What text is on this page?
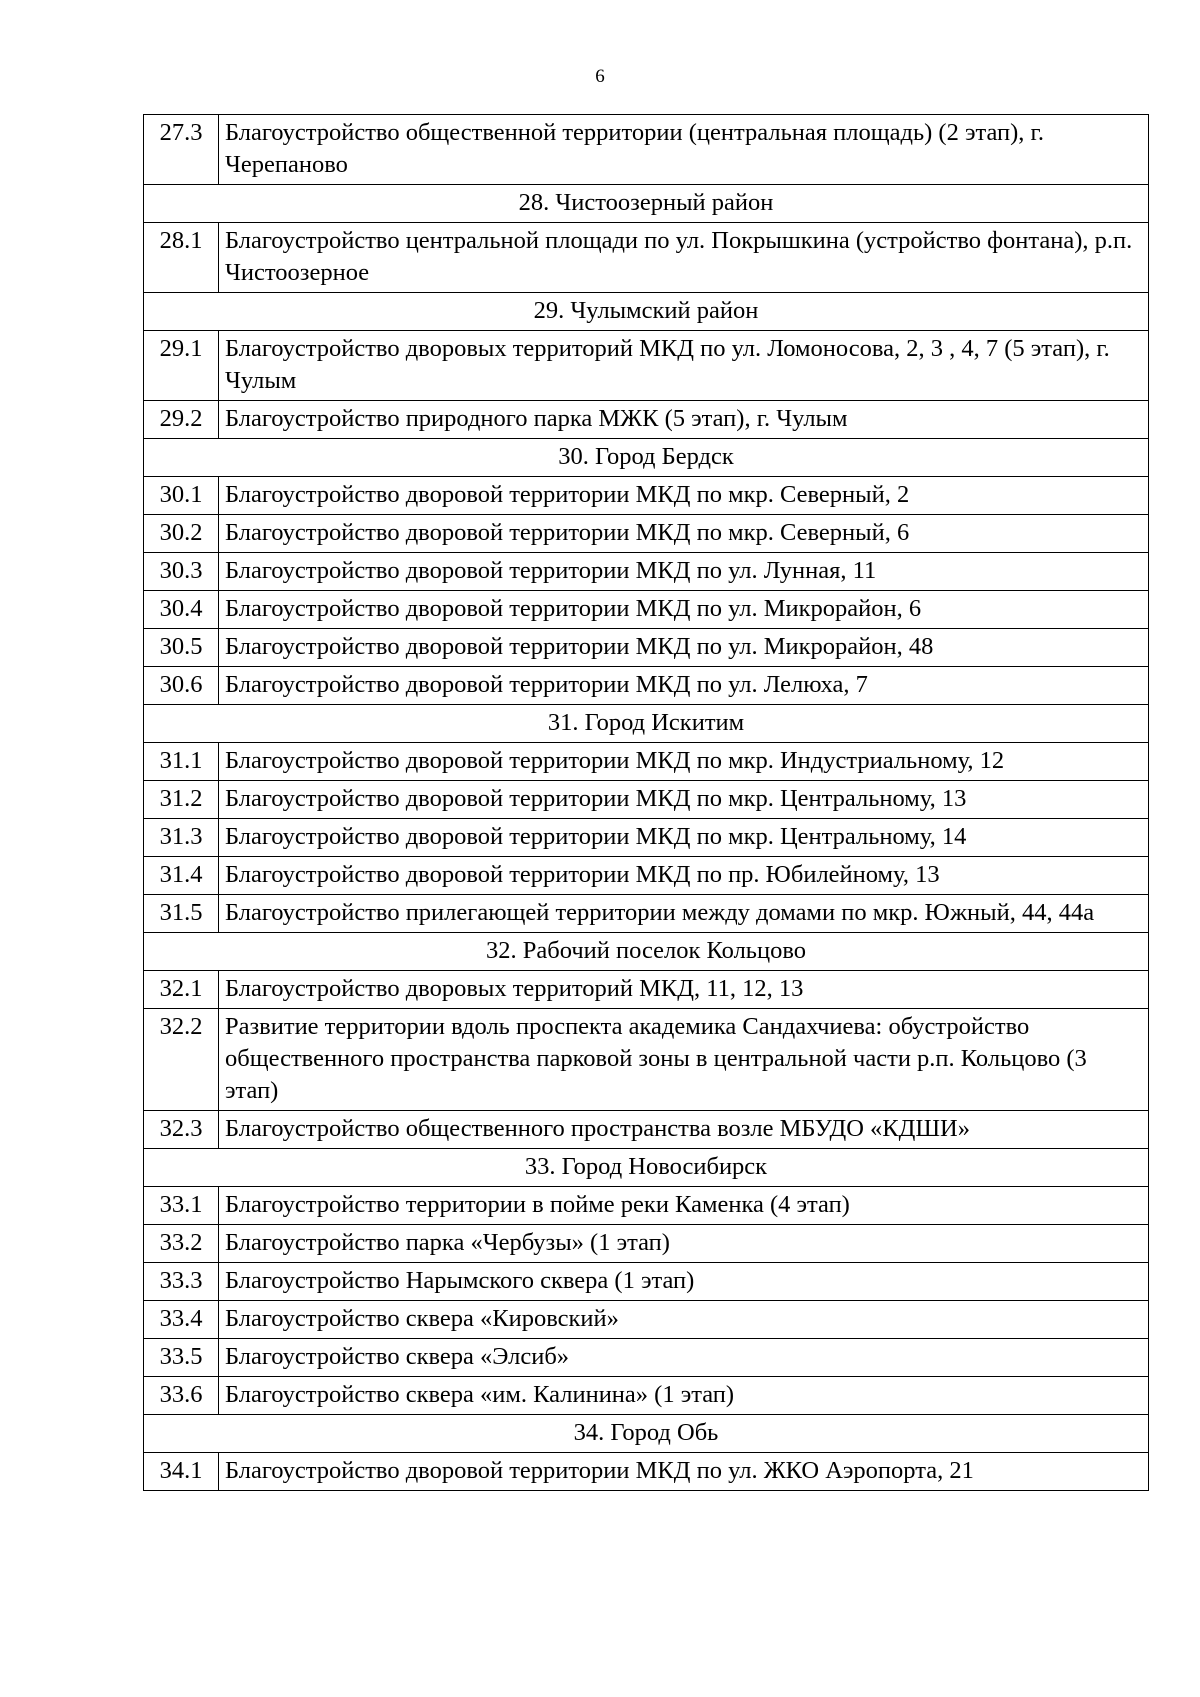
6
27.3	Благоустройство общественной территории (центральная площадь) (2 этап), г. Черепаново
28. Чистоозерный район	
28.1	Благоустройство центральной площади по ул. Покрышкина (устройство фонтана), р.п. Чистоозерное
29. Чулымский район	
29.1	Благоустройство дворовых территорий МКД по ул. Ломоносова, 2, 3 , 4, 7 (5 этап), г. Чулым
29.2	Благоустройство природного парка МЖК (5 этап), г. Чулым
30. Город Бердск	
30.1	Благоустройство дворовой территории МКД по мкр. Северный, 2
30.2	Благоустройство дворовой территории МКД по мкр. Северный, 6
30.3	Благоустройство дворовой территории МКД по ул. Лунная, 11
30.4	Благоустройство дворовой территории МКД по ул. Микрорайон, 6
30.5	Благоустройство дворовой территории МКД по ул. Микрорайон, 48
30.6	Благоустройство дворовой территории МКД по ул. Лелюха, 7
31. Город Искитим	
31.1	Благоустройство дворовой территории МКД по мкр. Индустриальному, 12
31.2	Благоустройство дворовой территории МКД по мкр. Центральному, 13
31.3	Благоустройство дворовой территории МКД по мкр. Центральному, 14
31.4	Благоустройство дворовой территории МКД по пр. Юбилейному, 13
31.5	Благоустройство прилегающей территории между домами по мкр. Южный, 44, 44а
32. Рабочий поселок Кольцово	
32.1	Благоустройство дворовых территорий МКД, 11, 12, 13
32.2	Развитие территории вдоль проспекта академика Сандахчиева: обустройство общественного пространства парковой зоны в центральной части р.п. Кольцово (3 этап)
32.3	Благоустройство общественного пространства возле МБУДО «КДШИ»
33. Город Новосибирск	
33.1	Благоустройство территории в пойме реки Каменка (4 этап)
33.2	Благоустройство парка «Чербузы» (1 этап)
33.3	Благоустройство Нарымского сквера (1 этап)
33.4	Благоустройство сквера «Кировский»
33.5	Благоустройство сквера «Элсиб»
33.6	Благоустройство сквера «им. Калинина» (1 этап)
34. Город Обь	
34.1	Благоустройство дворовой территории МКД по ул. ЖКО Аэропорта, 21
